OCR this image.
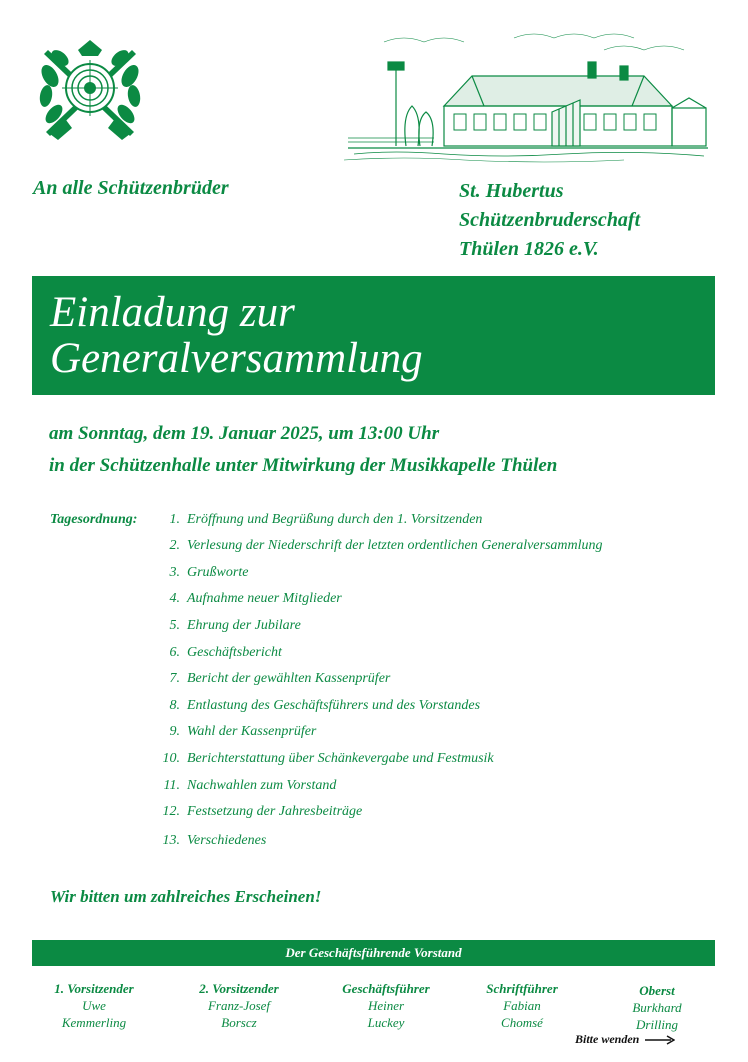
An alle Schützenbrüder	St. Hubertus
Schützenbruderschaft
Thülen 1826 e.V.
Einladung zur
Generalversammlung
am Sonntag, dem 19. Januar 2025, um 13:00 Uhr
in der Schützenhalle unter Mitwirkung der Musikkapelle Thülen
Tagesordnung:	1. Eröffnung und Begrüßung durch den 1. Vorsitzenden
2. Verlesung der Niederschrift der letzten ordentlichen Generalversammlung
3. Grußworte
4. Aufnahme neuer Mitglieder
5. Ehrung der Jubilare
6. Geschäftsbericht
7. Bericht der gewählten Kassenprüfer
8. Entlastung des Geschäftsführers und des Vorstandes
9. Wahl der Kassenprüfer
10. Berichterstattung über Schänkevergabe und Festmusik
11. Nachwahlen zum Vorstand
12. Festsetzung der Jahresbeiträge
13. Verschiedenes
Wir bitten um zahlreiches Erscheinen!
Der Geschäftsführende Vorstand
1. Vorsitzender
Uwe
Kemmerling
2. Vorsitzender
Franz-Josef
Borscz
Geschäftsführer
Heiner
Luckey
Schriftführer
Fabian
Chomsé
Oberst
Burkhard
Drilling
Bitte wenden
